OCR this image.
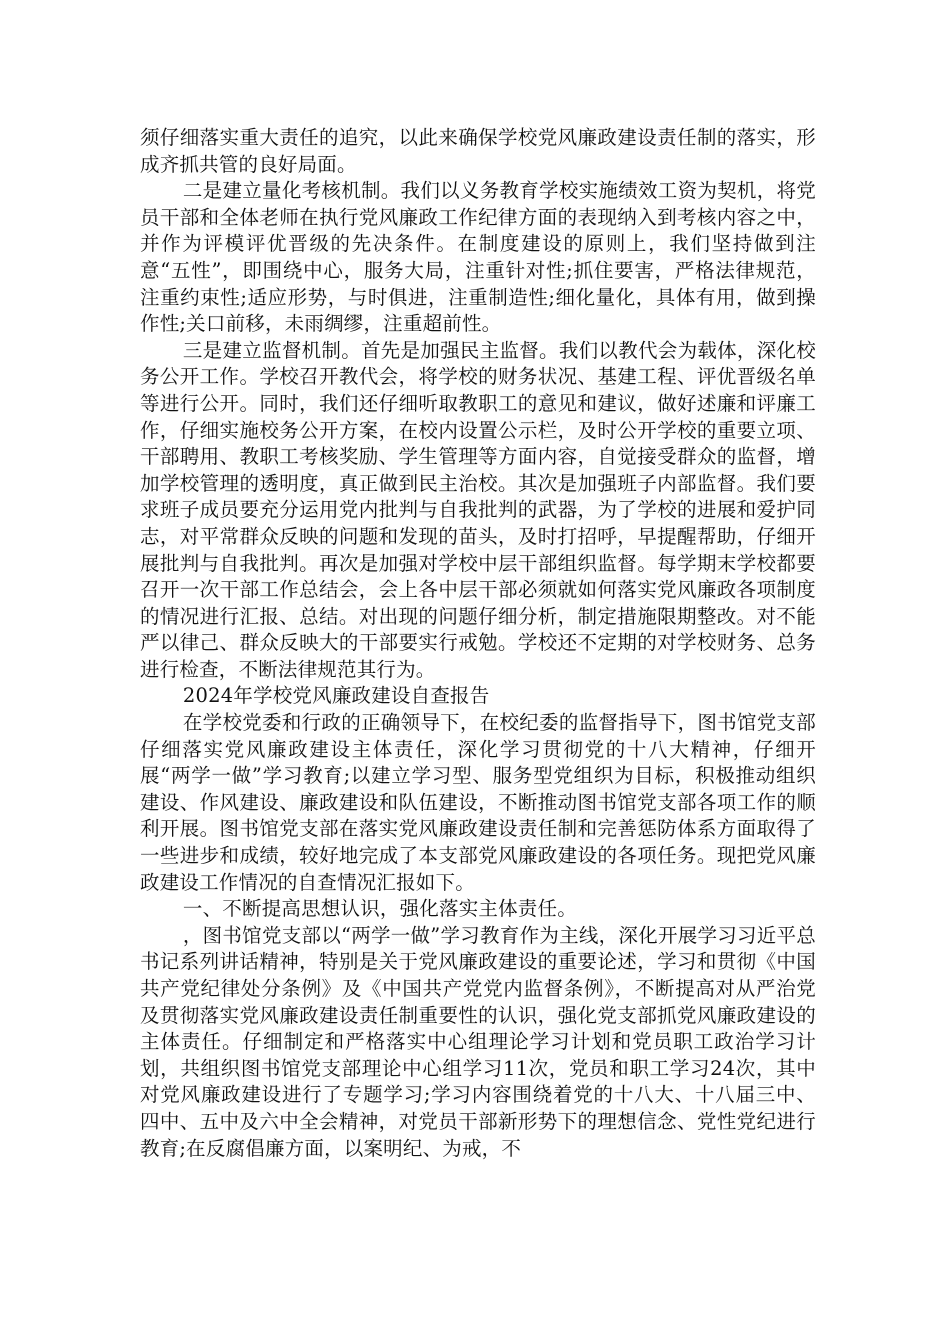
须仔细落实重大责任的追究，以此来确保学校党风廉政建设责任制的落实，形成齐抓共管的良好局面。

二是建立量化考核机制。我们以义务教育学校实施绩效工资为契机，将党员干部和全体老师在执行党风廉政工作纪律方面的表现纳入到考核内容之中，并作为评模评优晋级的先决条件。在制度建设的原则上，我们坚持做到注意“五性”，即围绕中心，服务大局，注重针对性;抓住要害，严格法律规范，注重约束性;适应形势，与时俱进，注重制造性;细化量化，具体有用，做到操作性;关口前移，未雨绸缪，注重超前性。

三是建立监督机制。首先是加强民主监督。我们以教代会为载体，深化校务公开工作。学校召开教代会，将学校的财务状况、基建工程、评优晋级名单等进行公开。同时，我们还仔细听取教职工的意见和建议，做好述廉和评廉工作，仔细实施校务公开方案，在校内设置公示栏，及时公开学校的重要立项、干部聘用、教职工考核奖励、学生管理等方面内容，自觉接受群众的监督，增加学校管理的透明度，真正做到民主治校。其次是加强班子内部监督。我们要求班子成员要充分运用党内批判与自我批判的武器，为了学校的进展和爱护同志，对平常群众反映的问题和发现的苗头，及时打招呼，早提醒帮助，仔细开展批判与自我批判。再次是加强对学校中层干部组织监督。每学期末学校都要召开一次干部工作总结会，会上各中层干部必须就如何落实党风廉政各项制度的情况进行汇报、总结。对出现的问题仔细分析，制定措施限期整改。对不能严以律己、群众反映大的干部要实行戒勉。学校还不定期的对学校财务、总务进行检查，不断法律规范其行为。

2024年学校党风廉政建设自查报告

在学校党委和行政的正确领导下，在校纪委的监督指导下，图书馆党支部仔细落实党风廉政建设主体责任，深化学习贯彻党的十八大精神，仔细开展“两学一做”学习教育;以建立学习型、服务型党组织为目标，积极推动组织建设、作风建设、廉政建设和队伍建设，不断推动图书馆党支部各项工作的顺利开展。图书馆党支部在落实党风廉政建设责任制和完善惩防体系方面取得了一些进步和成绩，较好地完成了本支部党风廉政建设的各项任务。现把党风廉政建设工作情况的自查情况汇报如下。

一、不断提高思想认识，强化落实主体责任。

，图书馆党支部以“两学一做”学习教育作为主线，深化开展学习习近平总书记系列讲话精神，特别是关于党风廉政建设的重要论述，学习和贯彻《中国共产党纪律处分条例》及《中国共产党党内监督条例》，不断提高对从严治党及贯彻落实党风廉政建设责任制重要性的认识，强化党支部抓党风廉政建设的主体责任。仔细制定和严格落实中心组理论学习计划和党员职工政治学习计划，共组织图书馆党支部理论中心组学习11次，党员和职工学习24次，其中对党风廉政建设进行了专题学习;学习内容围绕着党的十八大、十八届三中、四中、五中及六中全会精神，对党员干部新形势下的理想信念、党性党纪进行教育;在反腐倡廉方面，以案明纪、为戒，不
